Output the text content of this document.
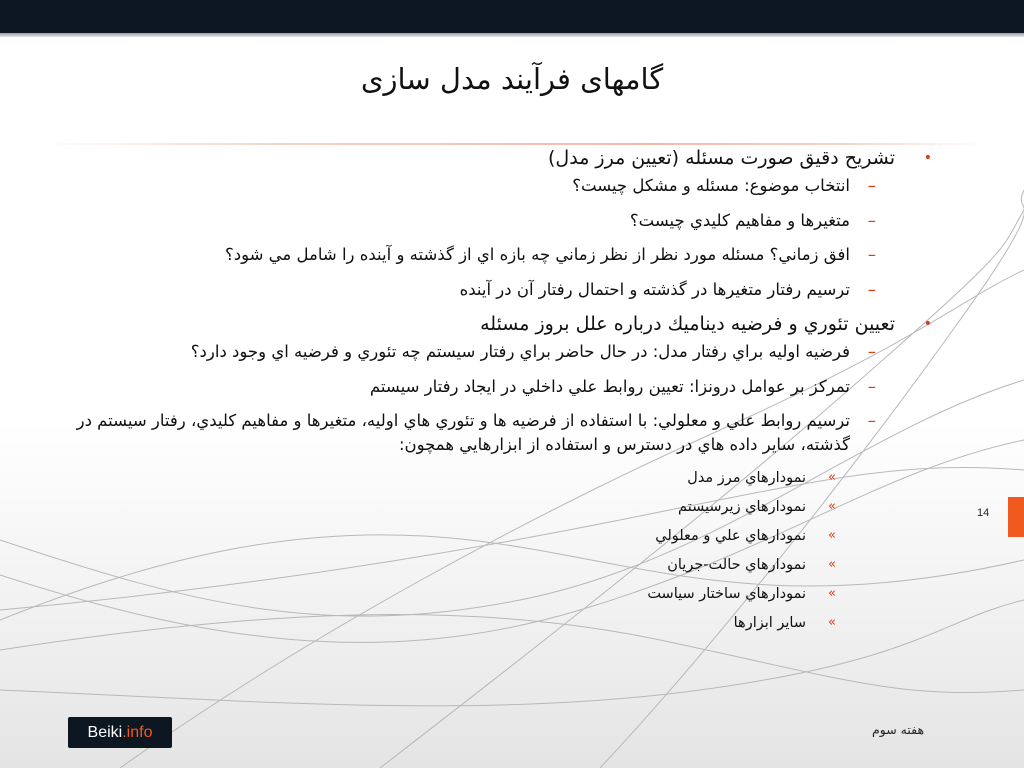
گامهای فرآیند مدل سازی
•
تشريح دقيق صورت مسئله (تعيين مرز مدل)
–
انتخاب موضوع: مسئله و مشکل چيست؟
–
متغيرها و مفاهيم كليدي چيست؟
–
افق زماني؟ مسئله مورد نظر از نظر زماني چه بازه اي از گذشته و آينده را شامل مي شود؟
–
ترسيم رفتار متغيرها در گذشته و احتمال رفتار آن در آينده
•
تعيين تئوري و فرضيه ديناميك درباره علل بروز مسئله
–
فرضيه اوليه براي رفتار مدل: در حال حاضر براي رفتار سيستم چه تئوري و فرضيه اي وجود دارد؟
–
تمرکز بر عوامل درونزا: تعيين روابط علي داخلي در ايجاد رفتار سيستم
–
ترسيم روابط علي و معلولي: با استفاده از فرضيه ها و تئوري هاي اوليه، متغيرها و مفاهيم كليدي، رفتار سيستم در گذشته، ساير داده هاي در دسترس و استفاده از ابزارهايي همچون:
»
نمودارهاي مرز مدل
»
نمودارهاي زيرسيستم
»
نمودارهاي علي و معلولي
»
نمودارهاي حالت-جريان
»
نمودارهاي ساختار سياست
»
ساير ابزارها
14
Beiki .info	هفته سوم
